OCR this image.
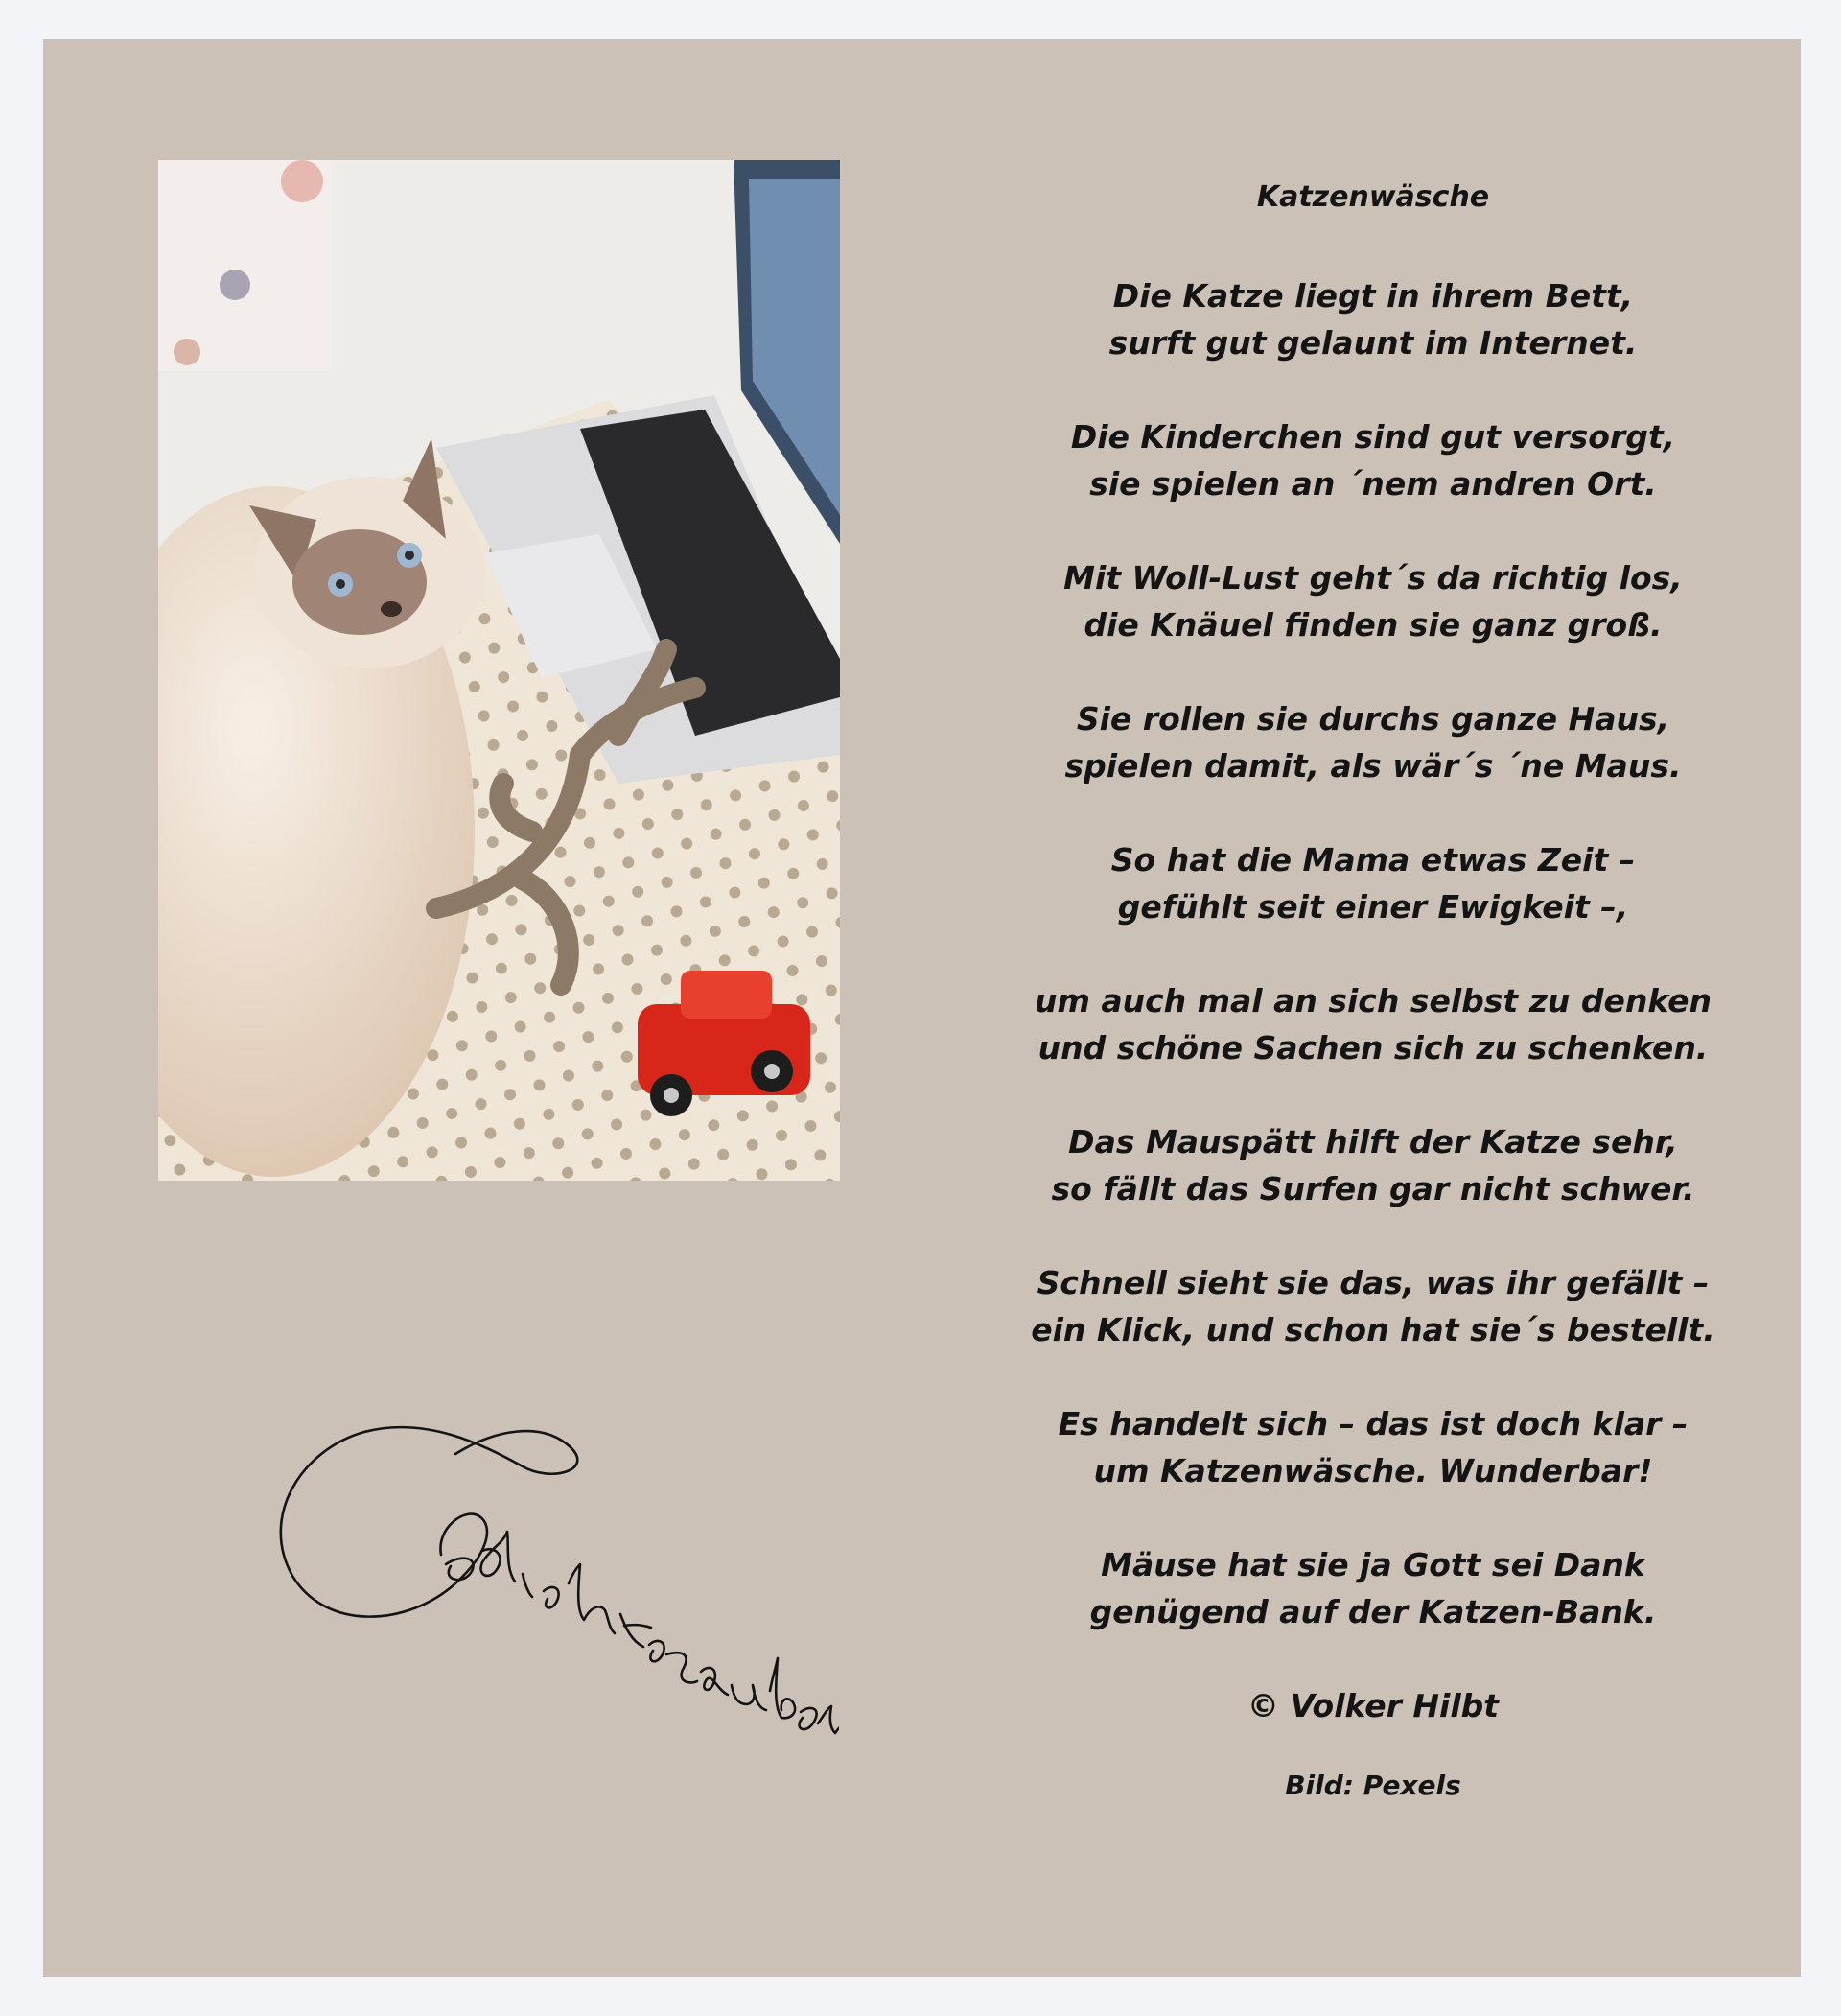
Gedichtezauber
Katzenwäsche
Die Katze liegt in ihrem Bett,
surft gut gelaunt im Internet.
Die Kinderchen sind gut versorgt,
sie spielen an ´nem andren Ort.
Mit Woll-Lust geht´s da richtig los,
die Knäuel finden sie ganz groß.
Sie rollen sie durchs ganze Haus,
spielen damit, als wär´s ´ne Maus.
So hat die Mama etwas Zeit –
gefühlt seit einer Ewigkeit –,
um auch mal an sich selbst zu denken
und schöne Sachen sich zu schenken.
Das Mauspätt hilft der Katze sehr,
so fällt das Surfen gar nicht schwer.
Schnell sieht sie das, was ihr gefällt –
ein Klick, und schon hat sie´s bestellt.
Es handelt sich – das ist doch klar –
um Katzenwäsche. Wunderbar!
Mäuse hat sie ja Gott sei Dank
genügend auf der Katzen-Bank.
© Volker Hilbt
Bild: Pexels
